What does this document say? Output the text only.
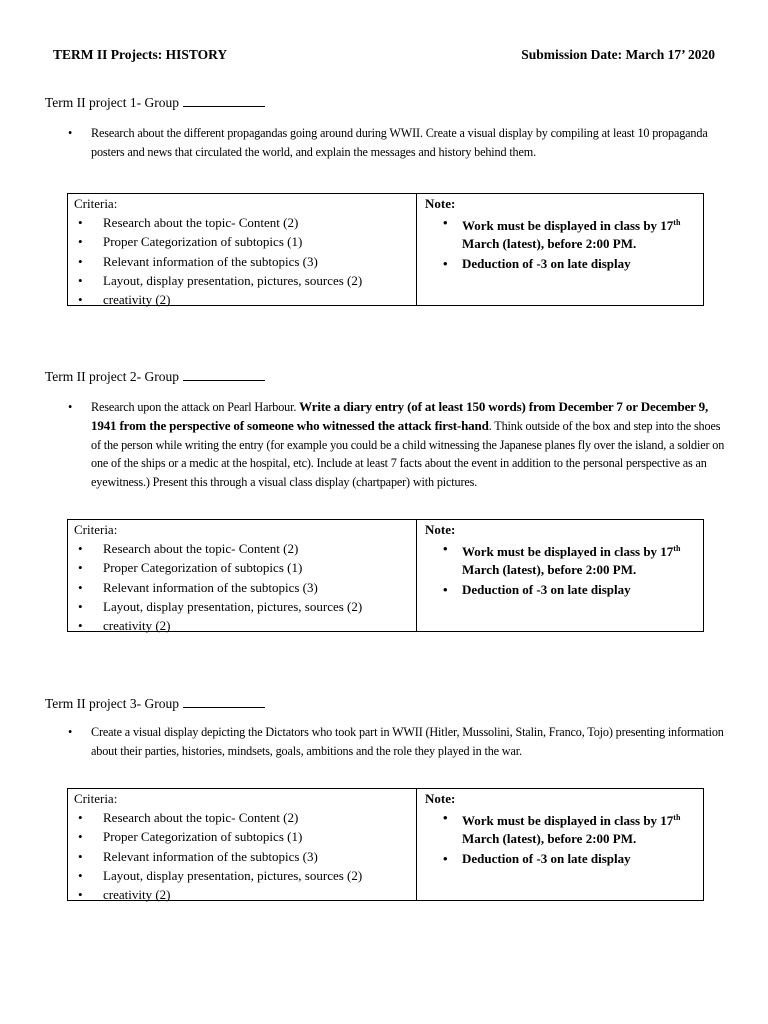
TERM II Projects: HISTORY	Submission Date: March 17’ 2020
Term II project 1- Group
• Research about the different propagandas going around during WWII. Create a visual display by compiling at least 10 propaganda posters and news that circulated the world, and explain the messages and history behind them.
Criteria:
• Research about the topic- Content (2)
• Proper Categorization of subtopics (1)
• Relevant information of the subtopics (3)
• Layout, display presentation, pictures, sources (2)
• creativity (2)
Note:
• Work must be displayed in class by 17th March (latest), before 2:00 PM.
• Deduction of -3 on late display
Term II project 2- Group
• Research upon the attack on Pearl Harbour. Write a diary entry (of at least 150 words) from December 7 or December 9, 1941 from the perspective of someone who witnessed the attack first-hand. Think outside of the box and step into the shoes of the person while writing the entry (for example you could be a child witnessing the Japanese planes fly over the island, a soldier on one of the ships or a medic at the hospital, etc). Include at least 7 facts about the event in addition to the personal perspective as an eyewitness.) Present this through a visual class display (chartpaper) with pictures.
Criteria:
• Research about the topic- Content (2)
• Proper Categorization of subtopics (1)
• Relevant information of the subtopics (3)
• Layout, display presentation, pictures, sources (2)
• creativity (2)
Note:
• Work must be displayed in class by 17th March (latest), before 2:00 PM.
• Deduction of -3 on late display
Term II project 3- Group
• Create a visual display depicting the Dictators who took part in WWII (Hitler, Mussolini, Stalin, Franco, Tojo) presenting information about their parties, histories, mindsets, goals, ambitions and the role they played in the war.
Criteria:
• Research about the topic- Content (2)
• Proper Categorization of subtopics (1)
• Relevant information of the subtopics (3)
• Layout, display presentation, pictures, sources (2)
• creativity (2)
Note:
• Work must be displayed in class by 17th March (latest), before 2:00 PM.
• Deduction of -3 on late display
